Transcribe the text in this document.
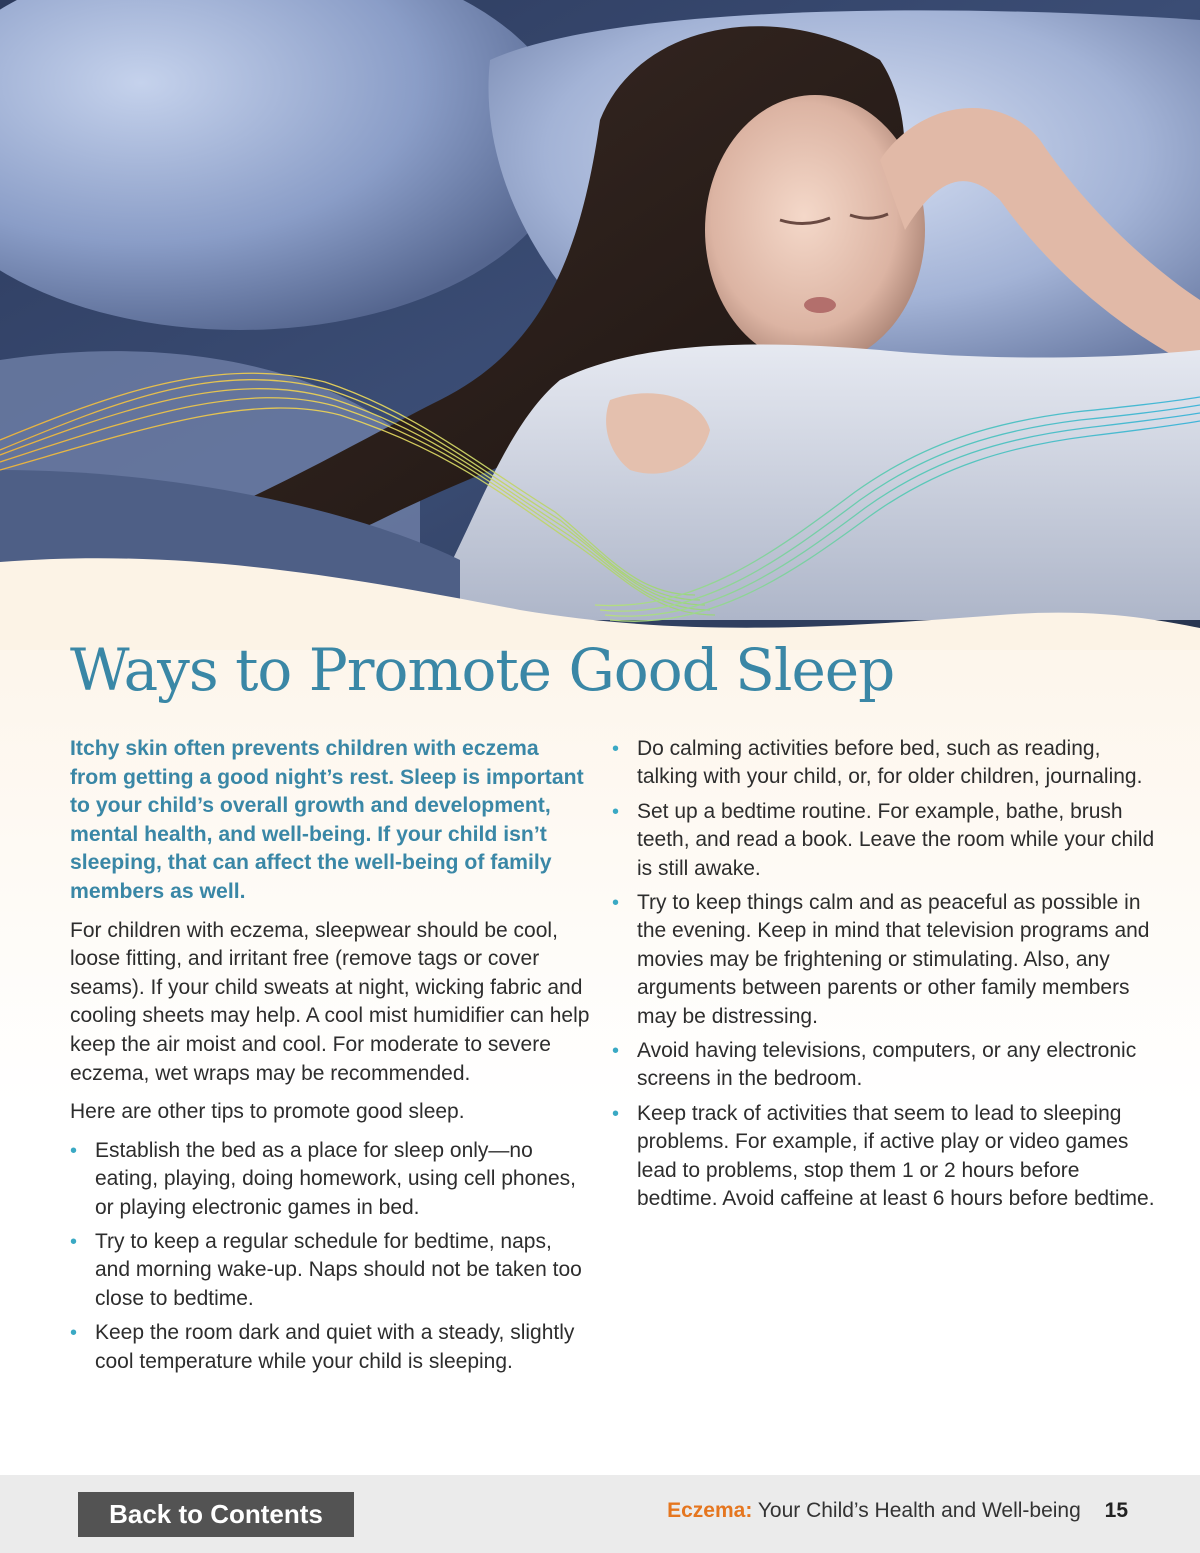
Ways to Promote Good Sleep

Itchy skin often prevents children with eczema from getting a good night’s rest. Sleep is important to your child’s overall growth and development, mental health, and well-being. If your child isn’t sleeping, that can affect the well-being of family members as well.

For children with eczema, sleepwear should be cool, loose fitting, and irritant free (remove tags or cover seams). If your child sweats at night, wicking fabric and cooling sheets may help. A cool mist humidifier can help keep the air moist and cool. For moderate to severe eczema, wet wraps may be recommended.

Here are other tips to promote good sleep.

• Establish the bed as a place for sleep only—no eating, playing, doing homework, using cell phones, or playing electronic games in bed.
• Try to keep a regular schedule for bedtime, naps, and morning wake-up. Naps should not be taken too close to bedtime.
• Keep the room dark and quiet with a steady, slightly cool temperature while your child is sleeping.
• Do calming activities before bed, such as reading, talking with your child, or, for older children, journaling.
• Set up a bedtime routine. For example, bathe, brush teeth, and read a book. Leave the room while your child is still awake.
• Try to keep things calm and as peaceful as possible in the evening. Keep in mind that television programs and movies may be frightening or stimulating. Also, any arguments between parents or other family members may be distressing.
• Avoid having televisions, computers, or any electronic screens in the bedroom.
• Keep track of activities that seem to lead to sleeping problems. For example, if active play or video games lead to problems, stop them 1 or 2 hours before bedtime. Avoid caffeine at least 6 hours before bedtime.
Back to Contents	Eczema: Your Child’s Health and Well-being 15
